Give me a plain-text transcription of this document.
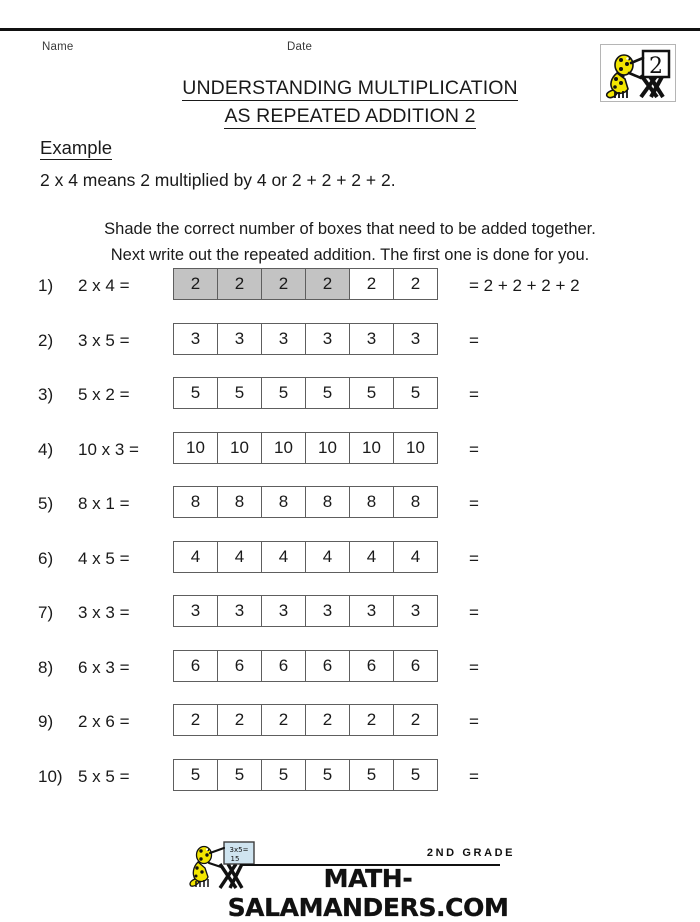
Name	Date
2
UNDERSTANDING MULTIPLICATION
AS REPEATED ADDITION 2
Example
2 x 4 means 2 multiplied by 4 or 2 + 2 + 2 + 2.
Shade the correct number of boxes that need to be added together.
Next write out the repeated addition. The first one is done for you.
1)	2 x 4 =	2	2	2	2	2	2	= 2 + 2 + 2 + 2
2)	3 x 5 =	3	3	3	3	3	3	=
3)	5 x 2 =	5	5	5	5	5	5	=
4)	10 x 3 =	10	10	10	10	10	10	=
5)	8 x 1 =	8	8	8	8	8	8	=
6)	4 x 5 =	4	4	4	4	4	4	=
7)	3 x 3 =	3	3	3	3	3	3	=
8)	6 x 3 =	6	6	6	6	6	6	=
9)	2 x 6 =	2	2	2	2	2	2	=
10) 5 x 5 =	5	5	5	5	5	5	=
3x5=
15	2ND GRADE
MATH-SALAMANDERS.COM
